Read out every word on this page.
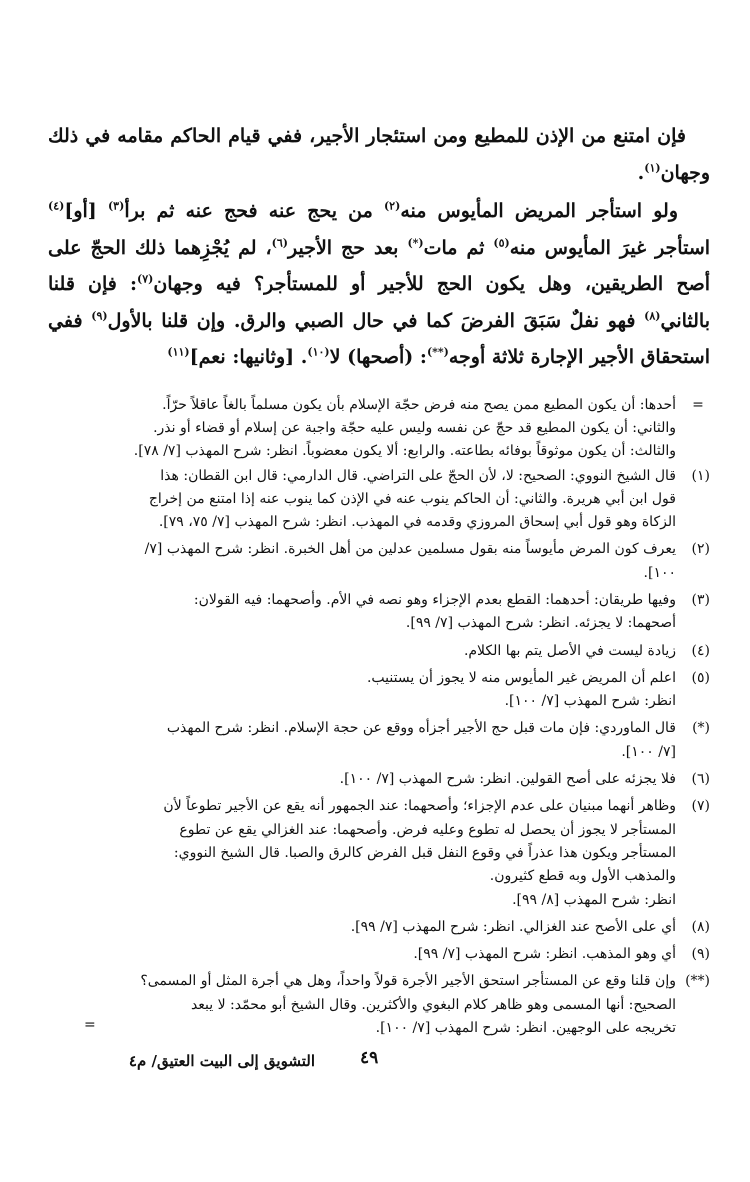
فإن امتنع من الإذن للمطيع ومن استئجار الأجير، ففي قيام الحاكم مقامه في ذلك وجهان$^{(١)}$.

ولو استأجر المريض المأيوس منه$^{(٢)}$ من يحج عنه فحج عنه ثم برأ$^{(٣)}$ [أو]$^{(٤)}$ استأجر غيرَ المأيوس منه$^{(٥)}$ ثم مات(*) بعد حج الأجير$^{(٦)}$، لم يُجْزِهما ذلك الحجّ على أصح الطريقين، وهل يكون الحج للأجير أو للمستأجر؟ فيه وجهان$^{(٧)}$: فإن قلنا بالثاني$^{(٨)}$ فهو نفلٌ سَبَقَ الفرضَ كما في حال الصبي والرق. وإن قلنا بالأول$^{(٩)}$ ففي استحقاق الأجير الإجارة ثلاثة أوجه(**): (أصحها) لا$^{(١٠)}$. [وثانيها: نعم]$^{(١١)}$

=
أحدها: أن يكون المطيع ممن يصح منه فرض حجّة الإسلام بأن يكون مسلماً بالغاً عاقلاً حرّاً.
والثاني: أن يكون المطيع قد حجّ عن نفسه وليس عليه حجّة واجبة عن إسلام أو قضاء أو نذر.
والثالث: أن يكون موثوقاً بوفائه بطاعته. والرابع: ألا يكون معضوباً. انظر: شرح المهذب [٧/ ٧٨].
(١)
قال الشيخ النووي: الصحيح: لا، لأن الحجّ على التراضي. قال الدارمي: قال ابن القطان: هذا
قول ابن أبي هريرة. والثاني: أن الحاكم ينوب عنه في الإذن كما ينوب عنه إذا امتنع من إخراج
الزكاة وهو قول أبي إسحاق المروزي وقدمه في المهذب. انظر: شرح المهذب [٧/ ٧٥، ٧٩].
(٢)
يعرف كون المرض مأيوساً منه بقول مسلمين عدلين من أهل الخبرة. انظر: شرح المهذب [٧/
١٠٠].
(٣)
وفيها طريقان: أحدهما: القطع بعدم الإجزاء وهو نصه في الأم. وأصحهما: فيه القولان:
أصحهما: لا يجزئه. انظر: شرح المهذب [٧/ ٩٩].
(٤)
زيادة ليست في الأصل يتم بها الكلام.
(٥)
اعلم أن المريض غير المأيوس منه لا يجوز أن يستنيب.
انظر: شرح المهذب [٧/ ١٠٠].
(*)
قال الماوردي: فإن مات قبل حج الأجير أجزأه ووقع عن حجة الإسلام. انظر: شرح المهذب
[٧/ ١٠٠].
(٦)
فلا يجزئه على أصح القولين. انظر: شرح المهذب [٧/ ١٠٠].
(٧)
وظاهر أنهما مبنيان على عدم الإجزاء؛ وأصحهما: عند الجمهور أنه يقع عن الأجير تطوعاً لأن
المستأجر لا يجوز أن يحصل له تطوع وعليه فرض. وأصحهما: عند الغزالي يقع عن تطوع
المستأجر ويكون هذا عذراً في وقوع النفل قبل الفرض كالرق والصبا. قال الشيخ النووي:
والمذهب الأول وبه قطع كثيرون.
انظر: شرح المهذب [٨/ ٩٩].
(٨)
أي على الأصح عند الغزالي. انظر: شرح المهذب [٧/ ٩٩].
(٩)
أي وهو المذهب. انظر: شرح المهذب [٧/ ٩٩].
(**)
وإن قلنا وقع عن المستأجر استحق الأجير الأجرة قولاً واحداً، وهل هي أجرة المثل أو المسمى؟
الصحيح: أنها المسمى وهو ظاهر كلام البغوي والأكثرين. وقال الشيخ أبو محمّد: لا يبعد
تخريجه على الوجهين. انظر: شرح المهذب [٧/ ١٠٠].
=
التشويق إلى البيت العتيق/ م٤	٤٩
